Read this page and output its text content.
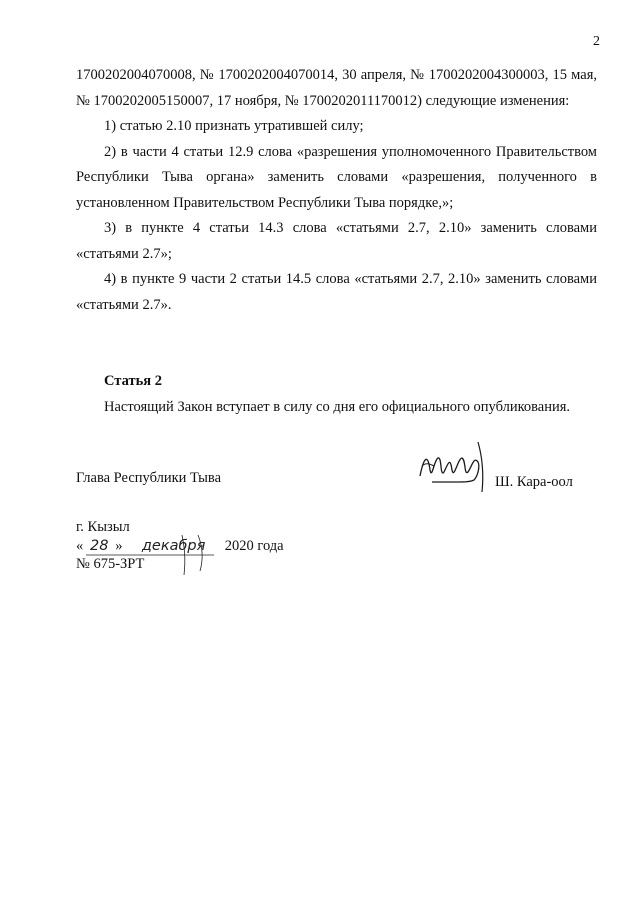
2

1700202004070008, № 1700202004070014, 30 апреля, № 1700202004300003, 15 мая, № 1700202005150007, 17 ноября, № 1700202011170012) следующие изменения:

1) статью 2.10 признать утратившей силу;

2) в части 4 статьи 12.9 слова «разрешения уполномоченного Правительством Республики Тыва органа» заменить словами «разрешения, полученного в установленном Правительством Республики Тыва порядке,»;

3) в пункте 4 статьи 14.3 слова «статьями 2.7, 2.10» заменить словами «статьями 2.7»;

4) в пункте 9 части 2 статьи 14.5 слова «статьями 2.7, 2.10» заменить словами «статьями 2.7».

Статья 2
Настоящий Закон вступает в силу со дня его официального опубликования.
Глава Республики Тыва	Ш. Кара-оол
г. Кызыл
« 28 » декабря 2020 года
№ 675-ЗРТ
